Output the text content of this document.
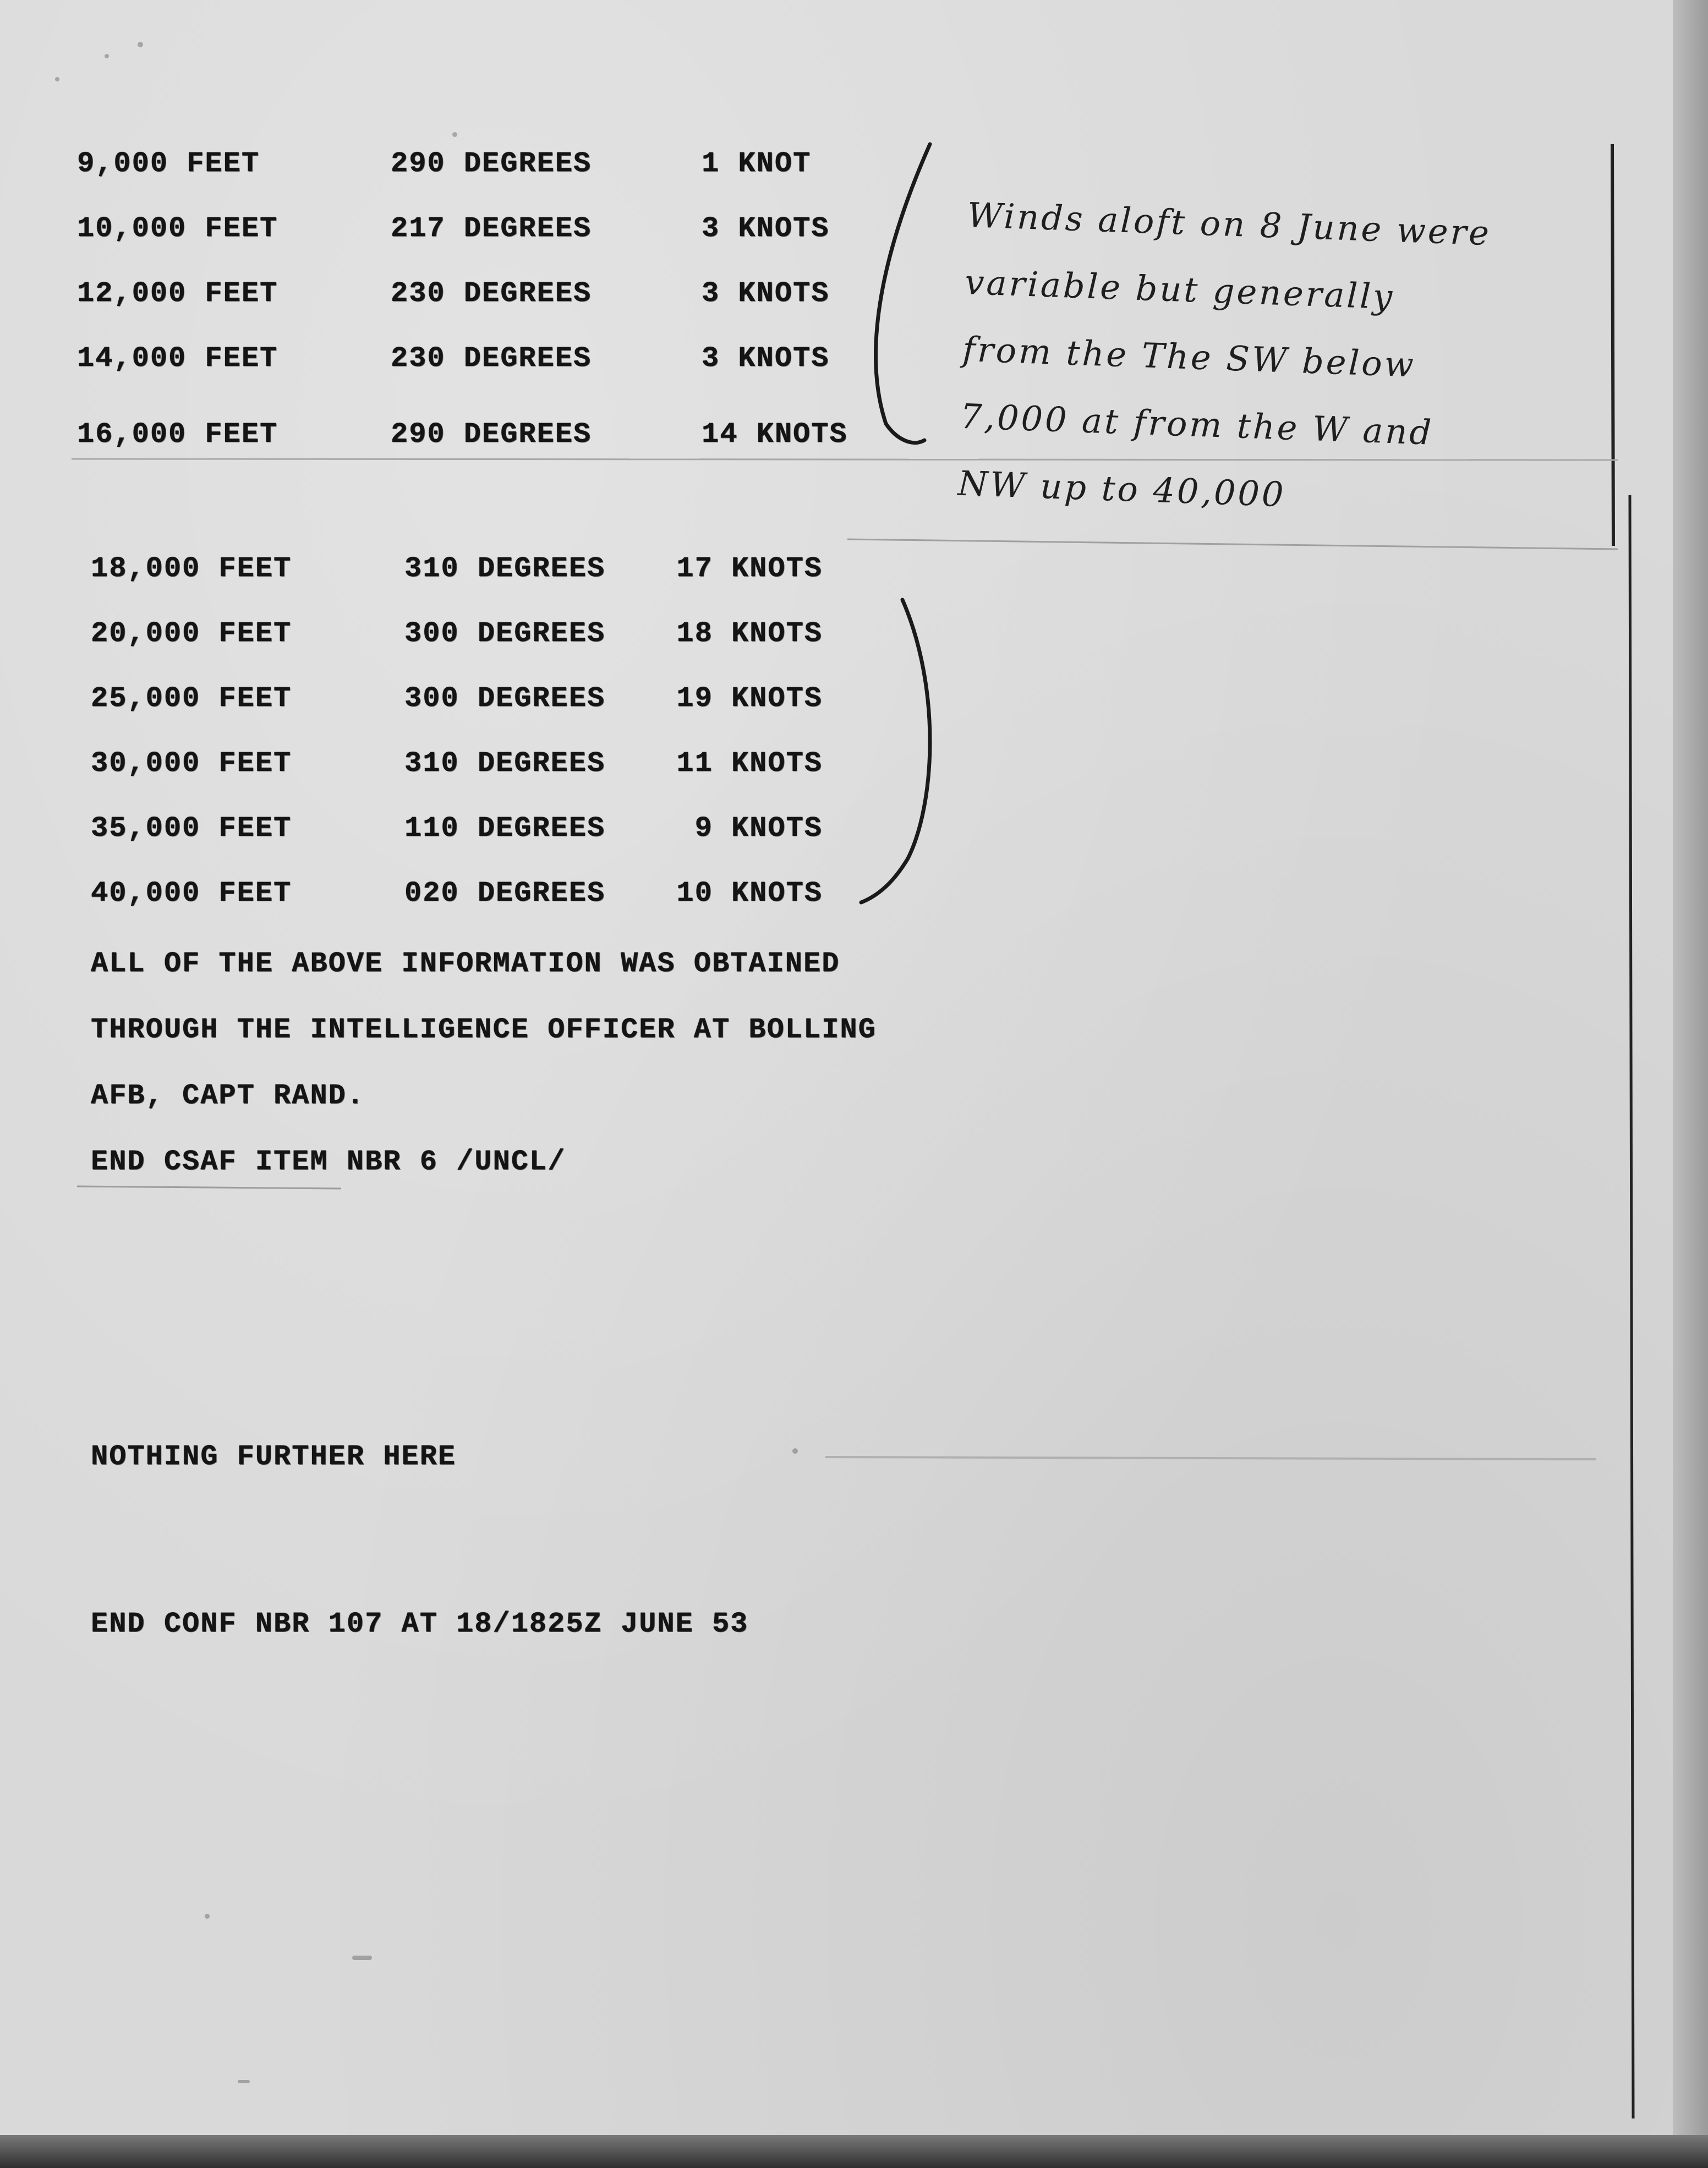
9,000 FEET	290 DEGREES	1 KNOT
10,000 FEET	217 DEGREES	3 KNOTS
12,000 FEET	230 DEGREES	3 KNOTS
14,000 FEET	230 DEGREES	3 KNOTS
16,000 FEET	290 DEGREES	14 KNOTS
18,000 FEET	310 DEGREES 17 KNOTS
20,000 FEET	300 DEGREES 18 KNOTS
25,000 FEET	300 DEGREES 19 KNOTS
30,000 FEET	310 DEGREES 11 KNOTS
35,000 FEET	110 DEGREES	9 KNOTS
40,000 FEET	020 DEGREES 10 KNOTS
ALL OF THE ABOVE INFORMATION WAS OBTAINED
THROUGH THE INTELLIGENCE OFFICER AT BOLLING
AFB, CAPT RAND.
END CSAF ITEM NBR 6 /UNCL/
NOTHING FURTHER HERE
END CONF NBR 107 AT 18/1825Z JUNE 53
Winds aloft on 8 June were
variable but generally
from the The SW below
7,000 at from the W and
NW up to 40,000
